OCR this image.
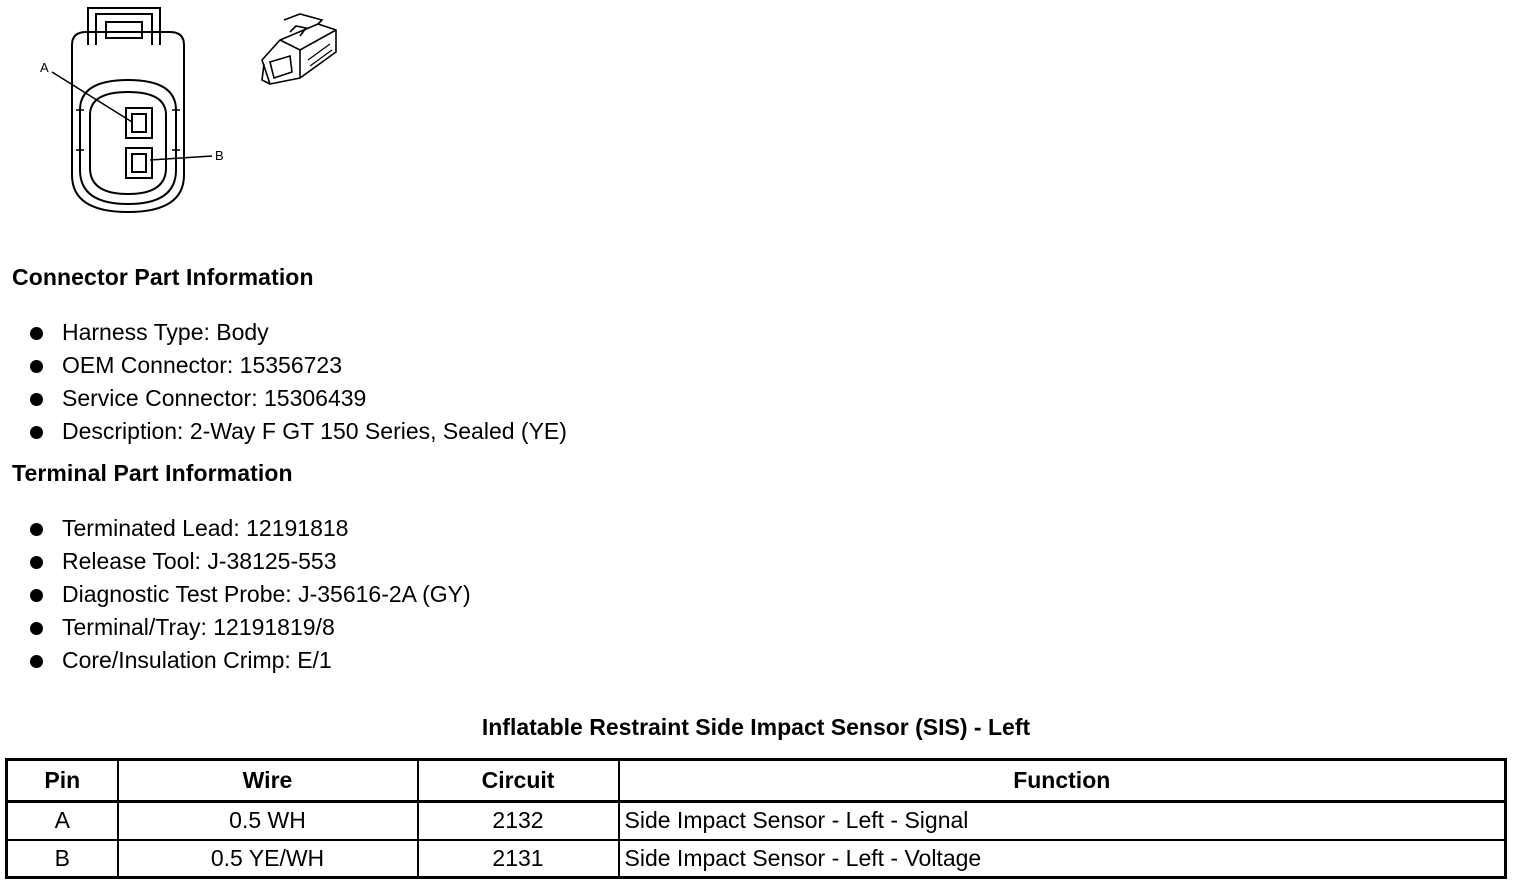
A
B
Connector Part Information
Harness Type: Body
OEM Connector: 15356723
Service Connector: 15306439
Description: 2-Way F GT 150 Series, Sealed (YE)
Terminal Part Information
Terminated Lead: 12191818
Release Tool: J-38125-553
Diagnostic Test Probe: J-35616-2A (GY)
Terminal/Tray: 12191819/8
Core/Insulation Crimp: E/1
Inflatable Restraint Side Impact Sensor (SIS) - Left
Pin	Wire	Circuit	Function
A	0.5 WH	2132	Side Impact Sensor - Left - Signal
B	0.5 YE/WH	2131	Side Impact Sensor - Left - Voltage
